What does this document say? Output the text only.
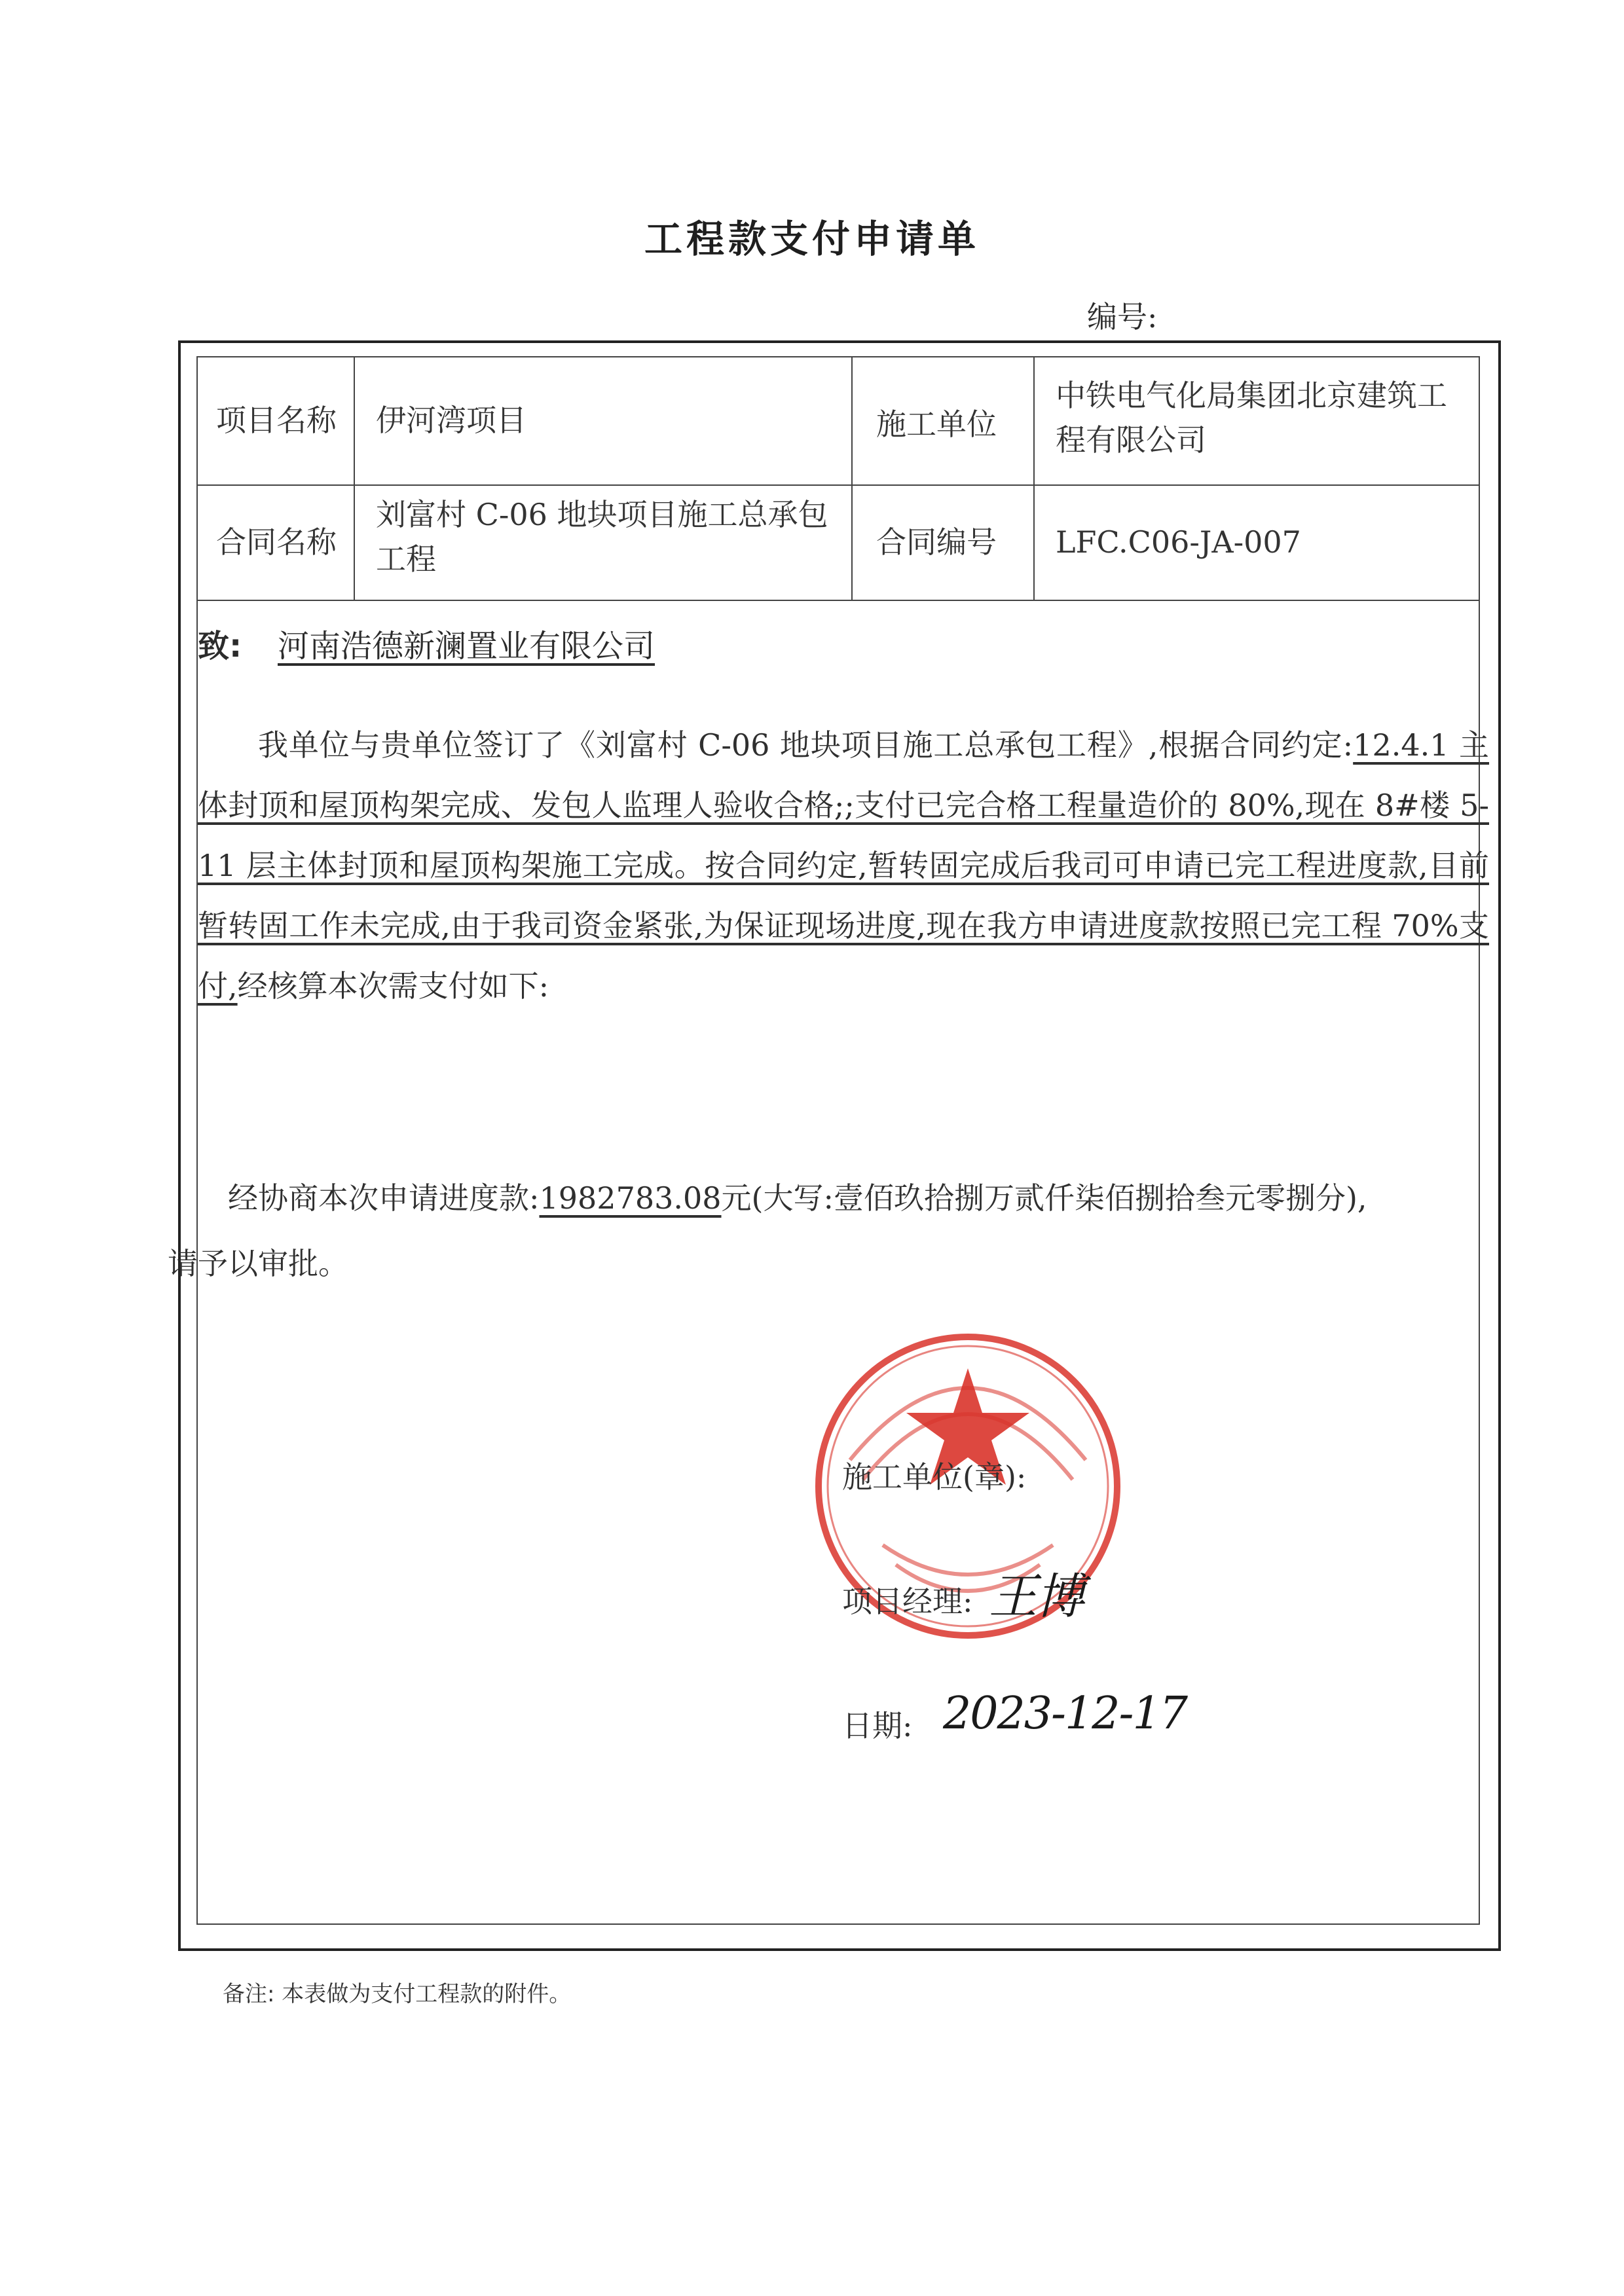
工程款支付申请单
编号:
项目名称 伊河湾项目	施工单位
中铁电气化局集团北京建筑工程有限公司
合同名称
刘富村 C-06 地块项目施工总承包工程	合同编号 LFC.C06-JA-007
致: 河南浩德新澜置业有限公司
我单位与贵单位签订了《刘富村 C-06 地块项目施工总承包工程》,根据合同约定:12.4.1 主体封顶和屋顶构架完成、发包人监理人验收合格;;支付已完合格工程量造价的 80%,现在 8#楼 5-11 层主体封顶和屋顶构架施工完成。按合同约定,暂转固完成后我司可申请已完工程进度款,目前暂转固工作未完成,由于我司资金紧张,为保证现场进度,现在我方申请进度款按照已完工程 70%支付,经核算本次需支付如下:
经协商本次申请进度款:1982783.08元(大写:壹佰玖拾捌万贰仟柒佰捌拾叁元零捌分),
请予以审批。
施工单位(章):
项目经理: 王博
日期: 2023-12-17
备注: 本表做为支付工程款的附件。
